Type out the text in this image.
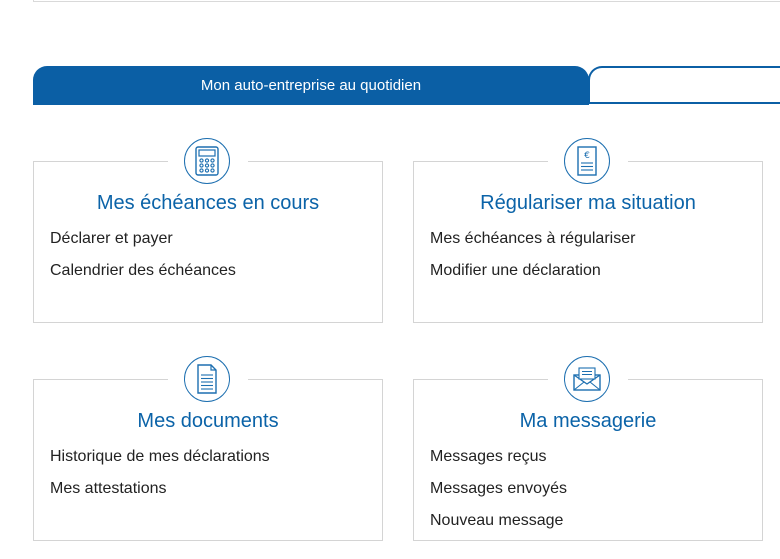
Mon auto-entreprise au quotidien
Mes échéances en cours
Déclarer et payer
Calendrier des échéances
€
Régulariser ma situation
Mes échéances à régulariser
Modifier une déclaration
Mes documents
Historique de mes déclarations
Mes attestations
Ma messagerie
Messages reçus
Messages envoyés
Nouveau message
